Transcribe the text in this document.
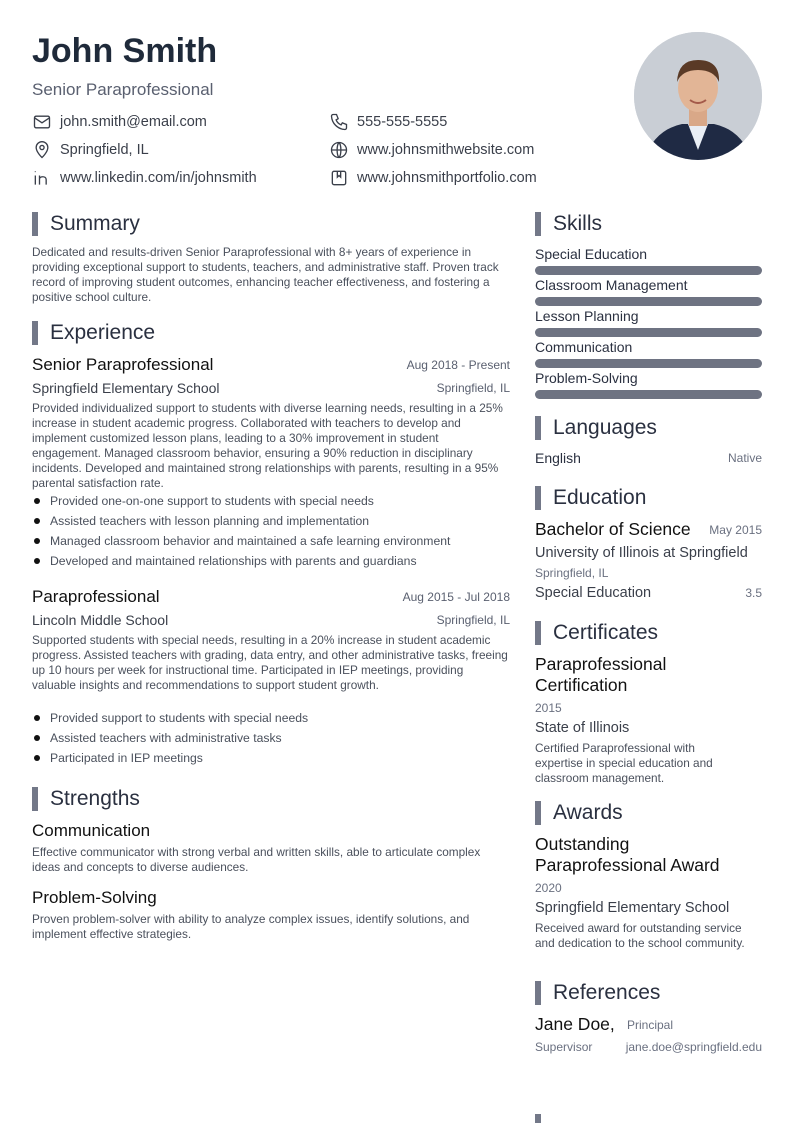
John Smith
Senior Paraprofessional
john.smith@email.com	555-555-5555
Springfield, IL	www.johnsmithwebsite.com
www.linkedin.com/in/johnsmith	www.johnsmithportfolio.com
Summary
Dedicated and results-driven Senior Paraprofessional with 8+ years of experience in providing exceptional support to students, teachers, and administrative staff. Proven track record of improving student outcomes, enhancing teacher effectiveness, and fostering a positive school culture.
Experience
Senior Paraprofessional	Aug 2018 - Present
Springfield Elementary School	Springfield, IL
Provided individualized support to students with diverse learning needs, resulting in a 25% increase in student academic progress. Collaborated with teachers to develop and implement customized lesson plans, leading to a 30% improvement in student engagement. Managed classroom behavior, ensuring a 90% reduction in disciplinary incidents. Developed and maintained strong relationships with parents, resulting in a 95% parental satisfaction rate.
Provided one-on-one support to students with special needs
Assisted teachers with lesson planning and implementation
Managed classroom behavior and maintained a safe learning environment
Developed and maintained relationships with parents and guardians
Paraprofessional	Aug 2015 - Jul 2018
Lincoln Middle School	Springfield, IL
Supported students with special needs, resulting in a 20% increase in student academic progress. Assisted teachers with grading, data entry, and other administrative tasks, freeing up 10 hours per week for instructional time. Participated in IEP meetings, providing valuable insights and recommendations to support student growth.
Provided support to students with special needs
Assisted teachers with administrative tasks
Participated in IEP meetings
Strengths
Communication
Effective communicator with strong verbal and written skills, able to articulate complex ideas and concepts to diverse audiences.
Problem-Solving
Proven problem-solver with ability to analyze complex issues, identify solutions, and implement effective strategies.
Skills
Special Education
Classroom Management
Lesson Planning
Communication
Problem-Solving
Languages
English	Native
Education
Bachelor of Science May 2015
University of Illinois at Springfield
Springfield, IL
Special Education	3.5
Certificates
Paraprofessional Certification
2015
State of Illinois
Certified Paraprofessional with expertise in special education and classroom management.
Awards
Outstanding Paraprofessional Award
2020
Springfield Elementary School
Received award for outstanding service and dedication to the school community.
References
Jane Doe, Principal
Supervisor	jane.doe@springfield.edu
